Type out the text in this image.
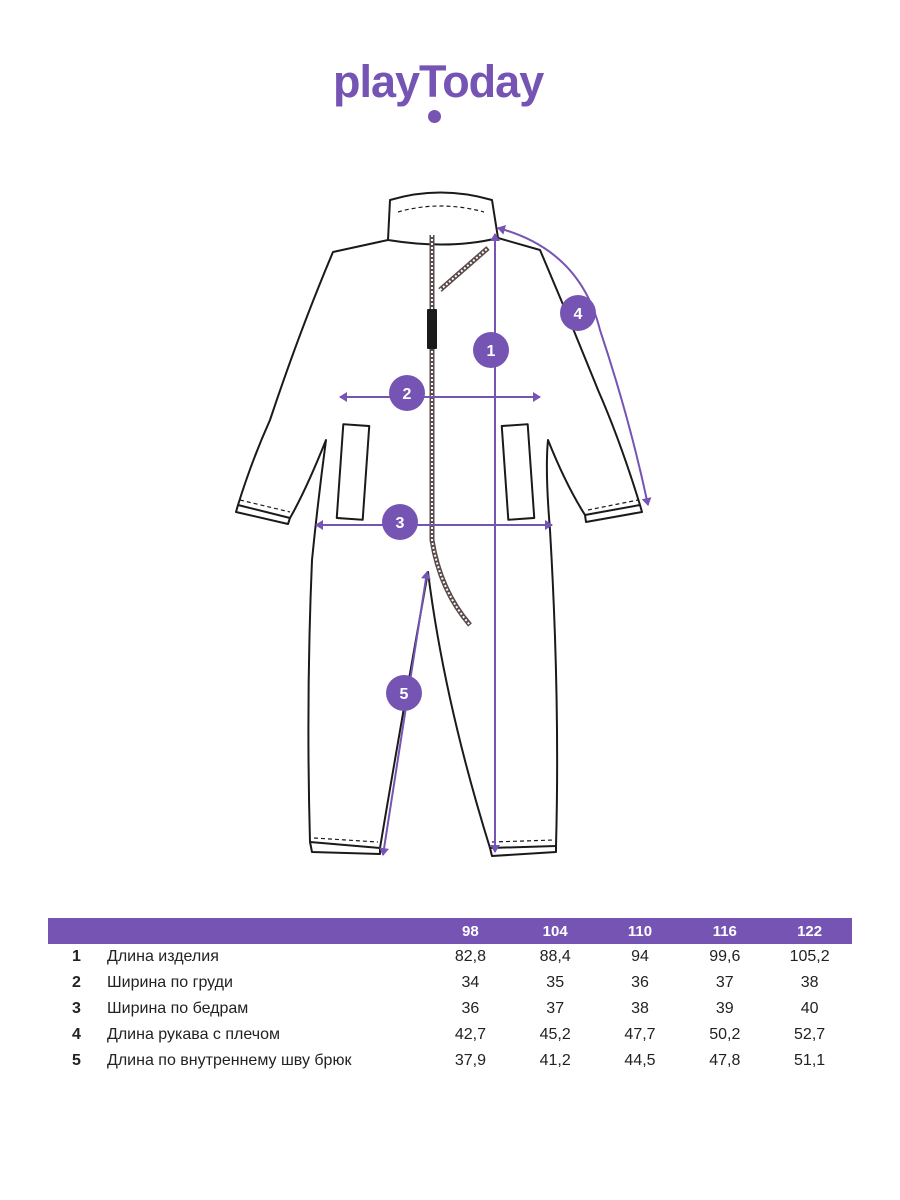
playToday
1
2
3
4
5
		98	104	110	116	122
1	Длина изделия	82,8	88,4	94	99,6	105,2
2	Ширина по груди	34	35	36	37	38
3	Ширина по бедрам	36	37	38	39	40
4	Длина рукава с плечом	42,7	45,2	47,7	50,2	52,7
5	Длина по внутреннему шву брюк	37,9	41,2	44,5	47,8	51,1
